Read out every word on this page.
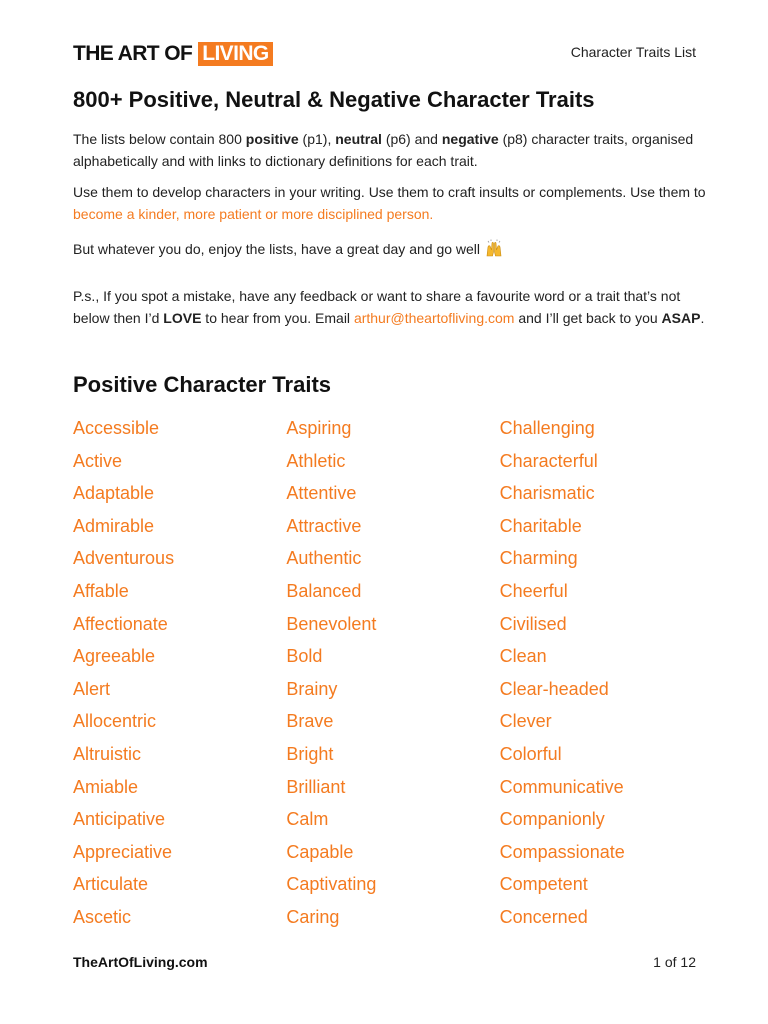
THE ART OF LIVING	Character Traits List
800+ Positive, Neutral & Negative Character Traits

The lists below contain 800 positive (p1), neutral (p6) and negative (p8) character traits, organised alphabetically and with links to dictionary definitions for each trait.

Use them to develop characters in your writing. Use them to craft insults or complements. Use them to become a kinder, more patient or more disciplined person.

But whatever you do, enjoy the lists, have a great day and go well

P.s., If you spot a mistake, have any feedback or want to share a favourite word or a trait that’s not below then I’d LOVE to hear from you. Email arthur@theartofliving.com and I’ll get back to you ASAP.

Positive Character Traits
Accessible
Active
Adaptable
Admirable
Adventurous
Affable
Affectionate
Agreeable
Alert
Allocentric
Altruistic
Amiable
Anticipative
Appreciative
Articulate
Ascetic
Aspiring
Athletic
Attentive
Attractive
Authentic
Balanced
Benevolent
Bold
Brainy
Brave
Bright
Brilliant
Calm
Capable
Captivating
Caring
Challenging
Characterful
Charismatic
Charitable
Charming
Cheerful
Civilised
Clean
Clear-headed
Clever
Colorful
Communicative
Companionly
Compassionate
Competent
Concerned
TheArtOfLiving.com	1 of 12
